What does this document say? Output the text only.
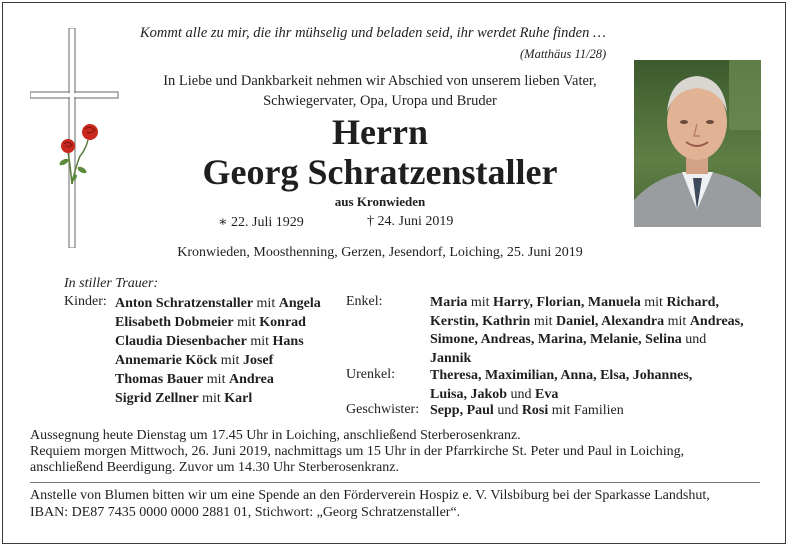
Kommt alle zu mir, die ihr mühselig und beladen seid, ihr werdet Ruhe finden …
(Matthäus 11/28)
In Liebe und Dankbarkeit nehmen wir Abschied von unserem lieben Vater,
Schwiegervater, Opa, Uropa und Bruder
Herrn
Georg Schratzenstaller
aus Kronwieden
∗ 22. Juli 1929	† 24. Juni 2019
Kronwieden, Moosthenning, Gerzen, Jesendorf, Loiching, 25. Juni 2019
In stiller Trauer:
Kinder: Anton Schratzenstaller mit Angela
Elisabeth Dobmeier mit Konrad
Claudia Diesenbacher mit Hans
Annemarie Köck mit Josef
Thomas Bauer mit Andrea
Sigrid Zellner mit Karl
Enkel:	Maria mit Harry, Florian, Manuela mit Richard,
Kerstin, Kathrin mit Daniel, Alexandra mit Andreas,
Simone, Andreas, Marina, Melanie, Selina und
Jannik
Urenkel:	Theresa, Maximilian, Anna, Elsa, Johannes,
Luisa, Jakob und Eva
Geschwister: Sepp, Paul und Rosi mit Familien
Aussegnung heute Dienstag um 17.45 Uhr in Loiching, anschließend Sterberosenkranz.
Requiem morgen Mittwoch, 26. Juni 2019, nachmittags um 15 Uhr in der Pfarrkirche St. Peter und Paul in Loiching,
anschließend Beerdigung. Zuvor um 14.30 Uhr Sterberosenkranz.
Anstelle von Blumen bitten wir um eine Spende an den Förderverein Hospiz e. V. Vilsbiburg bei der Sparkasse Landshut,
IBAN: DE87 7435 0000 0000 2881 01, Stichwort: „Georg Schratzenstaller“.
